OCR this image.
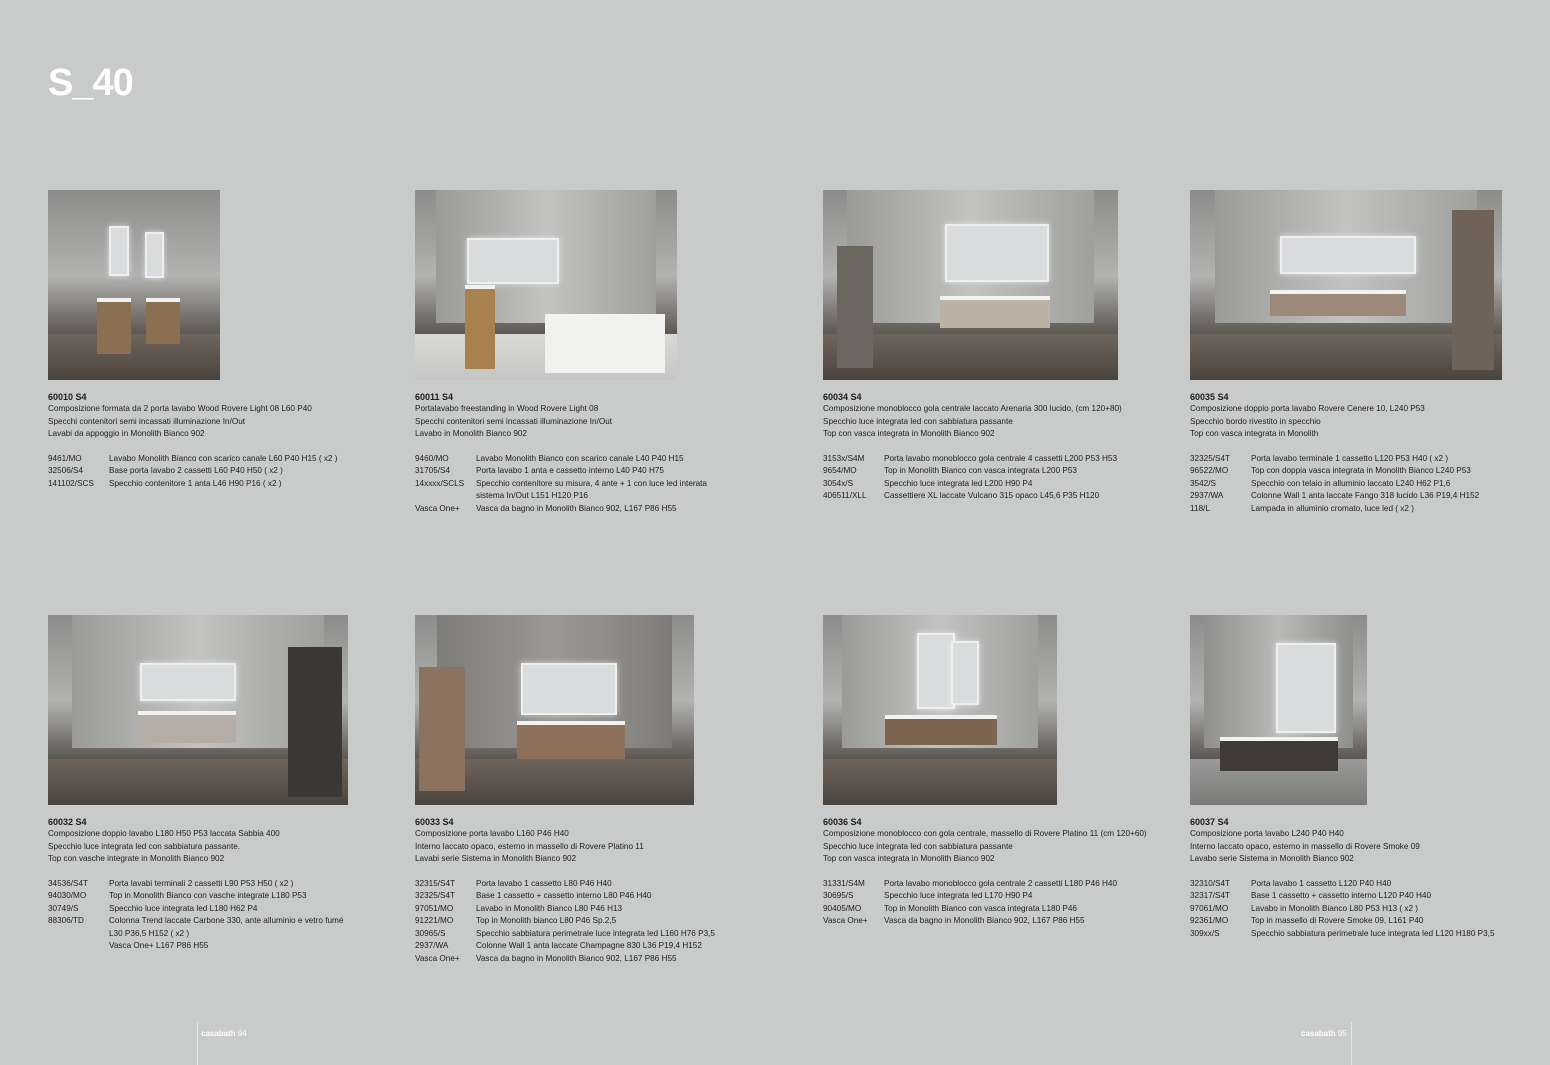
S_40
60010 S4
Composizione formata da 2 porta lavabo Wood Rovere Light 08 L60 P40
Specchi contenitori semi incassati illuminazione In/Out
Lavabi da appoggio in Monolith Bianco 902
9461/MO	Lavabo Monolith Bianco con scarico canale L60 P40 H15 ( x2 )
32506/S4	Base porta lavabo 2 cassetti L60 P40 H50 ( x2 )
141102/SCS	Specchio contenitore 1 anta L46 H90 P16 ( x2 )
60011 S4
Portalavabo freestanding in Wood Rovere Light 08
Specchi contenitori semi incassati illuminazione In/Out
Lavabo in Monolith Bianco 902
9460/MO	Lavabo Monolith Bianco con scarico canale L40 P40 H15
31705/S4	Porta lavabo 1 anta e cassetto interno L40 P40 H75
14xxxx/SCLS	Specchio contenitore su misura, 4 ante + 1 con luce led interata
sistema In/Out L151 H120 P16
Vasca One+	Vasca da bagno in Monolith Bianco 902, L167 P86 H55
60034 S4
Composizione monoblocco gola centrale laccato Arenaria 300 lucido, (cm 120+80)
Specchio luce integrata led con sabbiatura passante
Top con vasca integrata in Monolith Bianco 902
3153x/S4M	Porta lavabo monoblocco gola centrale 4 cassetti L200 P53 H53
9654/MO	Top in Monolith Bianco con vasca integrata L200 P53
3054x/S	Specchio luce integrata led L200 H90 P4
406511/XLL	Cassettiere XL laccate Vulcano 315 opaco L45,6 P35 H120
60035 S4
Composizione doppio porta lavabo Rovere Cenere 10, L240 P53
Specchio bordo rivestito in specchio
Top con vasca integrata in Monolith
32325/S4T	Porta lavabo terminale 1 cassetto L120 P53 H40 ( x2 )
96522/MO	Top con doppia vasca integrata in Monolith Bianco L240 P53
3542/S	Specchio con telaio in alluminio laccato L240 H62 P1,6
2937/WA	Colonne Wall 1 anta laccate Fango 318 lucido L36 P19,4 H152
118/L	Lampada in alluminio cromato, luce led ( x2 )
60032 S4
Composizione doppio lavabo L180 H50 P53 laccata Sabbia 400
Specchio luce integrata led con sabbiatura passante.
Top con vasche integrate in Monolith Bianco 902
34536/S4T	Porta lavabi terminali 2 cassetti L90 P53 H50 ( x2 )
94030/MO	Top in Monolith Bianco con vasche integrate L180 P53
30749/S	Specchio luce integrata led L180 H62 P4
88306/TD	Colonna Trend laccate Carbone 330, ante alluminio e vetro fumé
L30 P36,5 H152 ( x2 )
Vasca One+ L167 P86 H55
60033 S4
Composizione porta lavabo L160 P46 H40
Interno laccato opaco, esterno in massello di Rovere Platino 11
Lavabi serie Sistema in Monolith Bianco 902
32315/S4T	Porta lavabo 1 cassetto L80 P46 H40
32325/S4T	Base 1 cassetto + cassetto interno L80 P46 H40
97051/MO	Lavabo in Monolith Bianco L80 P46 H13
91221/MO	Top in Monolith bianco L80 P46 Sp.2,5
30965/S	Specchio sabbiatura perimetrale luce integrata led L160 H76 P3,5
2937/WA	Colonne Wall 1 anta laccate Champagne 830 L36 P19,4 H152
Vasca One+	Vasca da bagno in Monolith Bianco 902, L167 P86 H55
60036 S4
Composizione monoblocco con gola centrale, massello di Rovere Platino 11 (cm 120+60)
Specchio luce integrata led con sabbiatura passante
Top con vasca integrata in Monolith Bianco 902
31331/S4M	Porta lavabo monoblocco gola centrale 2 cassetti L180 P46 H40
30695/S	Specchio luce integrata led L170 H90 P4
90405/MO	Top in Monolith Bianco con vasca integrata L180 P46
Vasca One+	Vasca da bagno in Monolith Bianco 902, L167 P86 H55
60037 S4
Composizione porta lavabo L240 P40 H40
Interno laccato opaco, esterno in massello di Rovere Smoke 09
Lavabo serie Sistema in Monolith Bianco 902
32310/S4T	Porta lavabo 1 cassetto L120 P40 H40
32317/S4T	Base 1 cassetto + cassetto interno L120 P40 H40
97061/MO	Lavabo in Monolith Bianco L80 P53 H13 ( x2 )
92361/MO	Top in massello di Rovere Smoke 09, L161 P40
309xx/S	Specchio sabbiatura perimetrale luce integrata led L120 H180 P3,5
casabath 94	casabath 95
